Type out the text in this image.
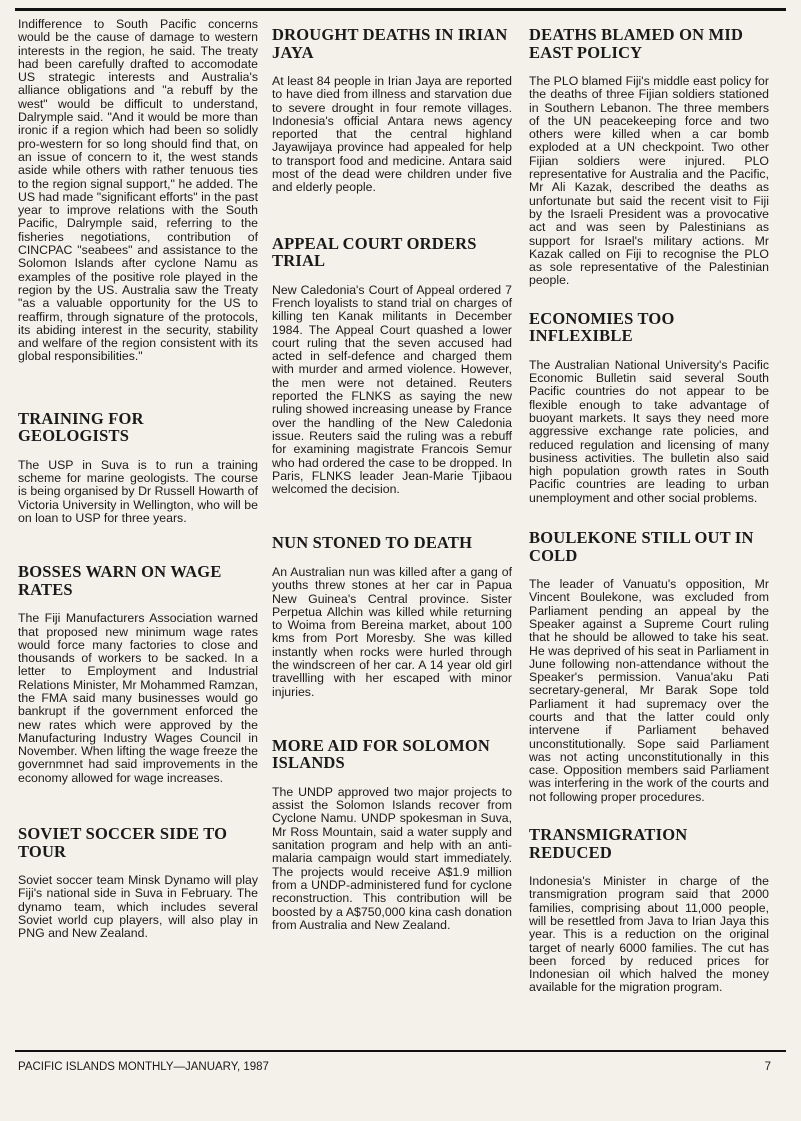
Indifference to South Pacific concerns would be the cause of damage to western interests in the region, he said. The treaty had been carefully drafted to accomodate US strategic interests and Australia's alliance obligations and "a rebuff by the west" would be difficult to understand, Dalrymple said. "And it would be more than ironic if a region which had been so solidly pro-western for so long should find that, on an issue of concern to it, the west stands aside while others with rather tenuous ties to the region signal support," he added. The US had made "significant efforts" in the past year to improve relations with the South Pacific, Dalrymple said, referring to the fisheries negotiations, contribution of CINCPAC "seabees" and assistance to the Solomon Islands after cyclone Namu as examples of the positive role played in the region by the US. Australia saw the Treaty "as a valuable opportunity for the US to reaffirm, through signature of the protocols, its abiding interest in the security, stability and welfare of the region consistent with its global responsibilities."

TRAINING FOR GEOLOGISTS

The USP in Suva is to run a training scheme for marine geologists. The course is being organised by Dr Russell Howarth of Victoria University in Wellington, who will be on loan to USP for three years.

BOSSES WARN ON WAGE RATES

The Fiji Manufacturers Association warned that proposed new minimum wage rates would force many factories to close and thousands of workers to be sacked. In a letter to Employment and Industrial Relations Minister, Mr Mohammed Ramzan, the FMA said many businesses would go bankrupt if the government enforced the new rates which were approved by the Manufacturing Industry Wages Council in November. When lifting the wage freeze the governmnet had said improvements in the economy allowed for wage increases.

SOVIET SOCCER SIDE TO TOUR

Soviet soccer team Minsk Dynamo will play Fiji's national side in Suva in February. The dynamo team, which includes several Soviet world cup players, will also play in PNG and New Zealand.

DROUGHT DEATHS IN IRIAN JAYA

At least 84 people in Irian Jaya are reported to have died from illness and starvation due to severe drought in four remote villages. Indonesia's official Antara news agency reported that the central highland Jayawijaya province had appealed for help to transport food and medicine. Antara said most of the dead were children under five and elderly people.

APPEAL COURT ORDERS TRIAL

New Caledonia's Court of Appeal ordered 7 French loyalists to stand trial on charges of killing ten Kanak militants in December 1984. The Appeal Court quashed a lower court ruling that the seven accused had acted in self-defence and charged them with murder and armed violence. However, the men were not detained. Reuters reported the FLNKS as saying the new ruling showed increasing unease by France over the handling of the New Caledonia issue. Reuters said the ruling was a rebuff for examining magistrate Francois Semur who had ordered the case to be dropped. In Paris, FLNKS leader Jean-Marie Tjibaou welcomed the decision.

NUN STONED TO DEATH

An Australian nun was killed after a gang of youths threw stones at her car in Papua New Guinea's Central province. Sister Perpetua Allchin was killed while returning to Woima from Bereina market, about 100 kms from Port Moresby. She was killed instantly when rocks were hurled through the windscreen of her car. A 14 year old girl travellling with her escaped with minor injuries.

MORE AID FOR SOLOMON ISLANDS

The UNDP approved two major projects to assist the Solomon Islands recover from Cyclone Namu. UNDP spokesman in Suva, Mr Ross Mountain, said a water supply and sanitation program and help with an anti-malaria campaign would start immediately. The projects would receive A$1.9 million from a UNDP-administered fund for cyclone reconstruction. This contribution will be boosted by a A$750,000 kina cash donation from Australia and New Zealand.

DEATHS BLAMED ON MID EAST POLICY

The PLO blamed Fiji's middle east policy for the deaths of three Fijian soldiers stationed in Southern Lebanon. The three members of the UN peacekeeping force and two others were killed when a car bomb exploded at a UN checkpoint. Two other Fijian soldiers were injured. PLO representative for Australia and the Pacific, Mr Ali Kazak, described the deaths as unfortunate but said the recent visit to Fiji by the Israeli President was a provocative act and was seen by Palestinians as support for Israel's military actions. Mr Kazak called on Fiji to recognise the PLO as sole representative of the Palestinian people.

ECONOMIES TOO INFLEXIBLE

The Australian National University's Pacific Economic Bulletin said several South Pacific countries do not appear to be flexible enough to take advantage of buoyant markets. It says they need more aggressive exchange rate policies, and reduced regulation and licensing of many business activities. The bulletin also said high population growth rates in South Pacific countries are leading to urban unemployment and other social problems.

BOULEKONE STILL OUT IN COLD

The leader of Vanuatu's opposition, Mr Vincent Boulekone, was excluded from Parliament pending an appeal by the Speaker against a Supreme Court ruling that he should be allowed to take his seat. He was deprived of his seat in Parliament in June following non-attendance without the Speaker's permission. Vanua'aku Pati secretary-general, Mr Barak Sope told Parliament it had supremacy over the courts and that the latter could only intervene if Parliament behaved unconstitutionally. Sope said Parliament was not acting unconstitutionally in this case. Opposition members said Parliament was interfering in the work of the courts and not following proper procedures.

TRANSMIGRATION REDUCED

Indonesia's Minister in charge of the transmigration program said that 2000 families, comprising about 11,000 people, will be resettled from Java to Irian Jaya this year. This is a reduction on the original target of nearly 6000 families. The cut has been forced by reduced prices for Indonesian oil which halved the money available for the migration program.

PACIFIC ISLANDS MONTHLY—JANUARY, 1987	7
